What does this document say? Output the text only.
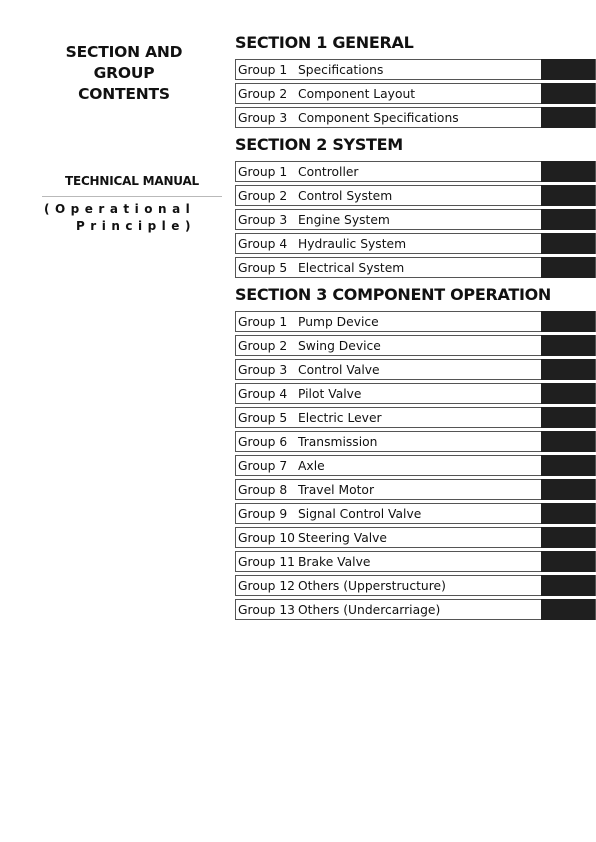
SECTION AND GROUP
CONTENTS
TECHNICAL MANUAL
(Operational
Principle)
SECTION 1 GENERAL
Group 1 Specifications
Group 2 Component Layout
Group 3 Component Specifications
SECTION 2 SYSTEM
Group 1 Controller
Group 2 Control System
Group 3 Engine System
Group 4 Hydraulic System
Group 5 Electrical System
SECTION 3 COMPONENT OPERATION
Group 1 Pump Device
Group 2 Swing Device
Group 3 Control Valve
Group 4 Pilot Valve
Group 5 Electric Lever
Group 6 Transmission
Group 7 Axle
Group 8 Travel Motor
Group 9 Signal Control Valve
Group 10 Steering Valve
Group 11 Brake Valve
Group 12 Others (Upperstructure)
Group 13 Others (Undercarriage)
